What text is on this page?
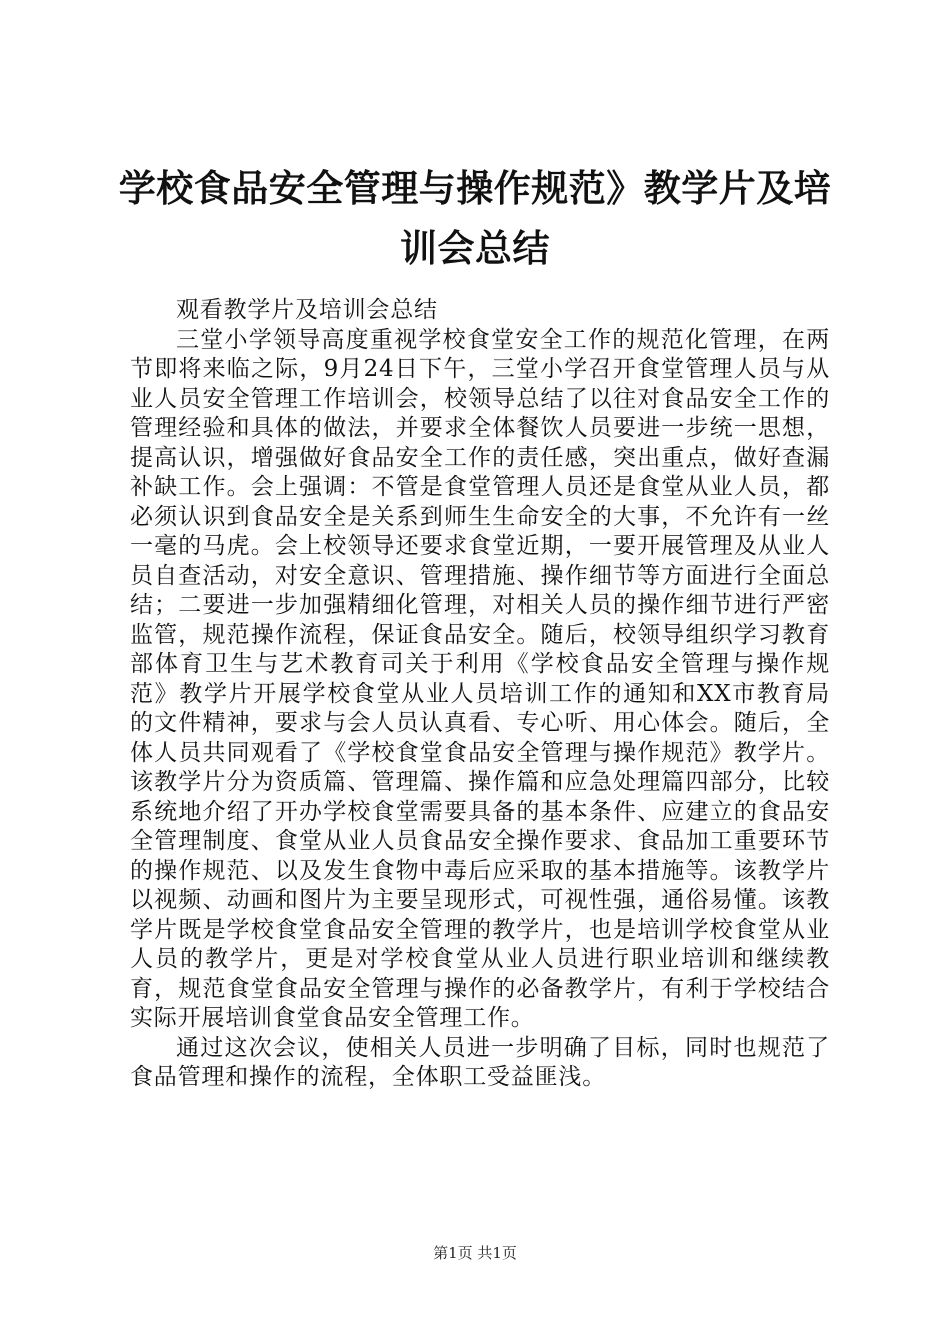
学校食品安全管理与操作规范》教学片及培训会总结

观看教学片及培训会总结

三堂小学领导高度重视学校食堂安全工作的规范化管理，在两节即将来临之际，9月24日下午，三堂小学召开食堂管理人员与从业人员安全管理工作培训会，校领导总结了以往对食品安全工作的管理经验和具体的做法，并要求全体餐饮人员要进一步统一思想，提高认识，增强做好食品安全工作的责任感，突出重点，做好查漏补缺工作。会上强调：不管是食堂管理人员还是食堂从业人员，都必须认识到食品安全是关系到师生生命安全的大事，不允许有一丝一毫的马虎。会上校领导还要求食堂近期，一要开展管理及从业人员自查活动，对安全意识、管理措施、操作细节等方面进行全面总结；二要进一步加强精细化管理，对相关人员的操作细节进行严密监管，规范操作流程，保证食品安全。随后，校领导组织学习教育部体育卫生与艺术教育司关于利用《学校食品安全管理与操作规范》教学片开展学校食堂从业人员培训工作的通知和XX市教育局的文件精神，要求与会人员认真看、专心听、用心体会。随后，全体人员共同观看了《学校食堂食品安全管理与操作规范》教学片。该教学片分为资质篇、管理篇、操作篇和应急处理篇四部分，比较系统地介绍了开办学校食堂需要具备的基本条件、应建立的食品安全管理制度、食堂从业人员食品安全操作要求、食品加工重要环节的操作规范、以及发生食物中毒后应采取的基本措施等。该教学片以视频、动画和图片为主要呈现形式，可视性强，通俗易懂。该教学片既是学校食堂食品安全管理的教学片，也是培训学校食堂从业人员的教学片，更是对学校食堂从业人员进行职业培训和继续教育，规范食堂食品安全管理与操作的必备教学片，有利于学校结合实际开展培训食堂食品安全管理工作。

通过这次会议，使相关人员进一步明确了目标，同时也规范了食品管理和操作的流程，全体职工受益匪浅。

第1页 共1页
